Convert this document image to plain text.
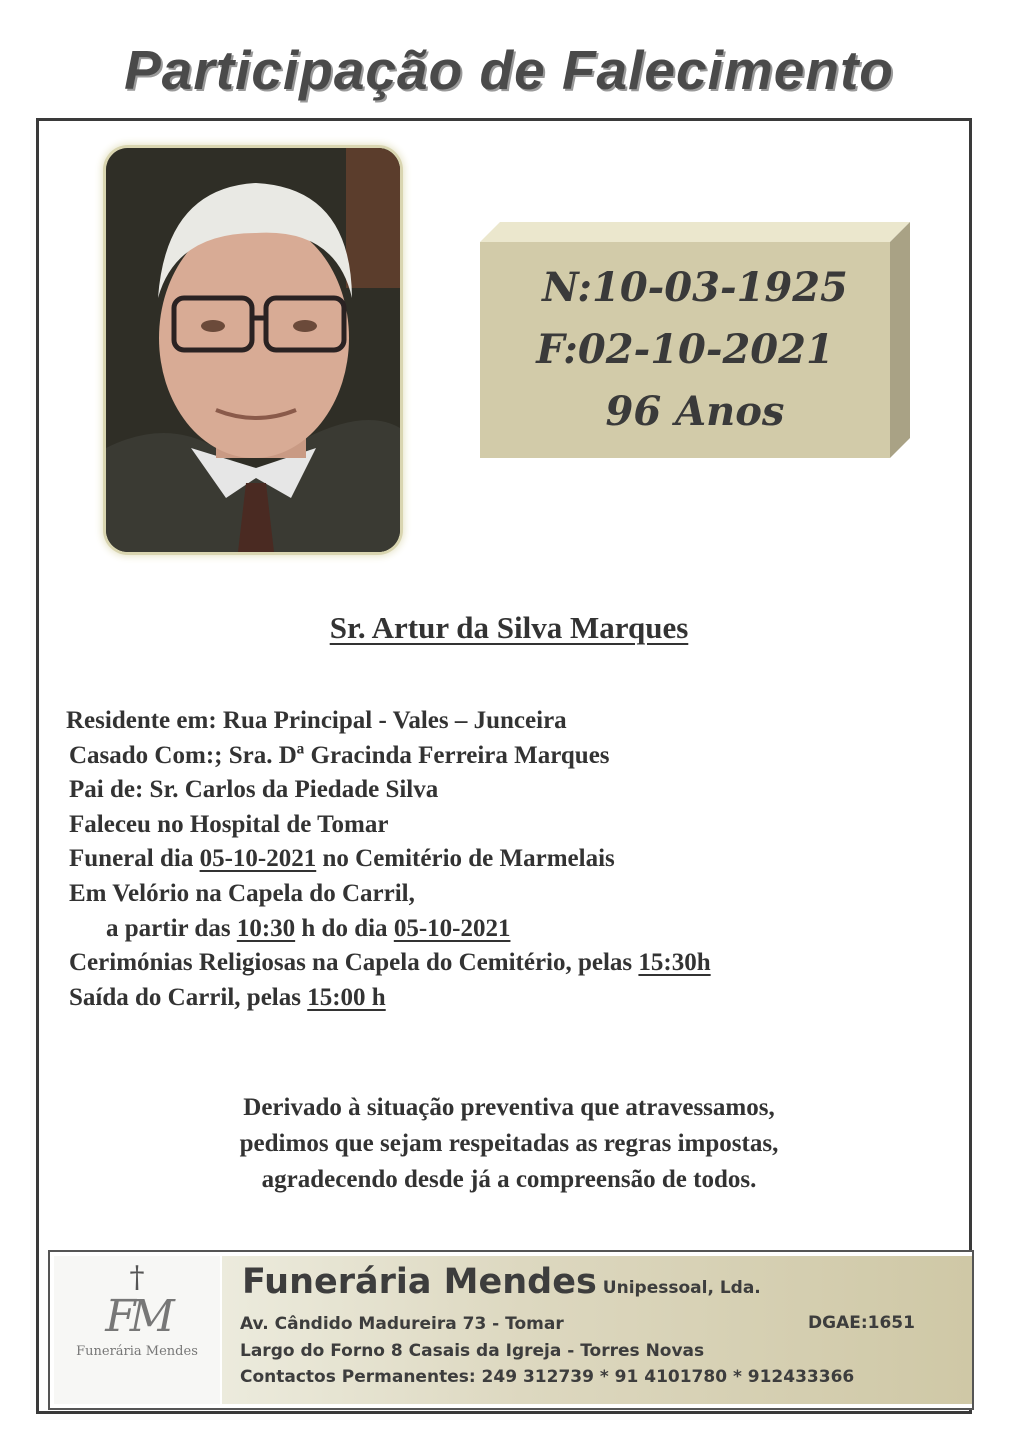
Participação de Falecimento
N:10-03-1925
F:02-10-2021
96 Anos
Sr. Artur da Silva Marques
Residente em: Rua Principal - Vales – Junceira
Casado Com:; Sra. Dª Gracinda Ferreira Marques
Pai de: Sr. Carlos da Piedade Silva
Faleceu no Hospital de Tomar
Funeral dia 05-10-2021 no Cemitério de Marmelais
Em Velório na Capela do Carril,
a partir das 10:30 h do dia 05-10-2021
Cerimónias Religiosas na Capela do Cemitério, pelas 15:30h
Saída do Carril, pelas 15:00 h
Derivado à situação preventiva que atravessamos,
pedimos que sejam respeitadas as regras impostas,
agradecendo desde já a compreensão de todos.
†
FM
Funerária Mendes
Funerária Mendes Unipessoal, Lda.
Av. Cândido Madureira 73 - Tomar	DGAE:1651
Largo do Forno 8 Casais da Igreja - Torres Novas
Contactos Permanentes: 249 312739 * 91 4101780 * 912433366
